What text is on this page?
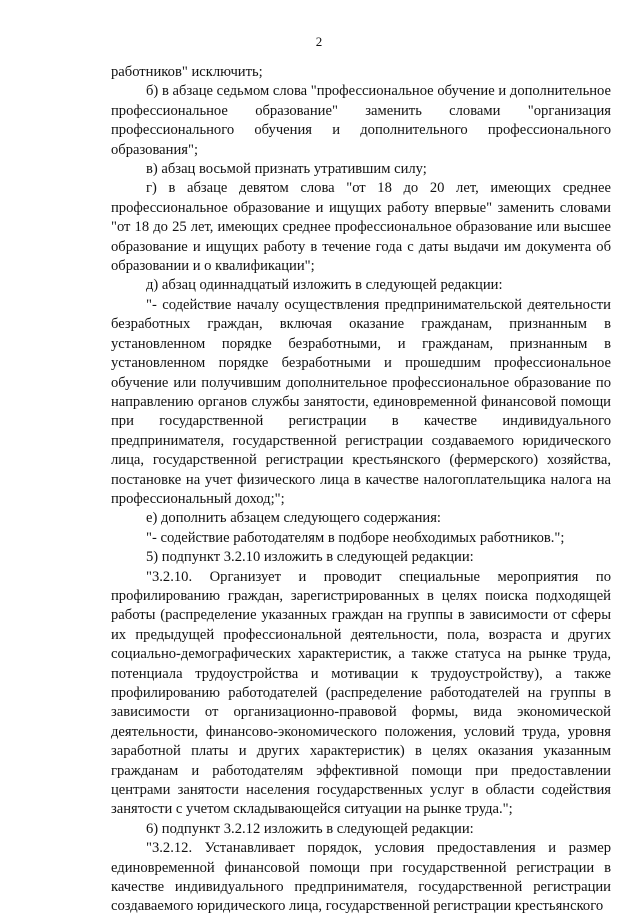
2

работников" исключить;

б) в абзаце седьмом слова "профессиональное обучение и дополнительное профессиональное образование" заменить словами "организация профессионального обучения и дополнительного профессионального образования";

в) абзац восьмой признать утратившим силу;

г) в абзаце девятом слова "от 18 до 20 лет, имеющих среднее профессиональное образование и ищущих работу впервые" заменить словами "от 18 до 25 лет, имеющих среднее профессиональное образование или высшее образование и ищущих работу в течение года с даты выдачи им документа об образовании и о квалификации";

д) абзац одиннадцатый изложить в следующей редакции:

"- содействие началу осуществления предпринимательской деятельности безработных граждан, включая оказание гражданам, признанным в установленном порядке безработными, и гражданам, признанным в установленном порядке безработными и прошедшим профессиональное обучение или получившим дополнительное профессиональное образование по направлению органов службы занятости, единовременной финансовой помощи при государственной регистрации в качестве индивидуального предпринимателя, государственной регистрации создаваемого юридического лица, государственной регистрации крестьянского (фермерского) хозяйства, постановке на учет физического лица в качестве налогоплательщика налога на профессиональный доход;";

е) дополнить абзацем следующего содержания:

"- содействие работодателям в подборе необходимых работников.";

5) подпункт 3.2.10 изложить в следующей редакции:

"3.2.10. Организует и проводит специальные мероприятия по профилированию граждан, зарегистрированных в целях поиска подходящей работы (распределение указанных граждан на группы в зависимости от сферы их предыдущей профессиональной деятельности, пола, возраста и других социально-демографических характеристик, а также статуса на рынке труда, потенциала трудоустройства и мотивации к трудоустройству), а также профилированию работодателей (распределение работодателей на группы в зависимости от организационно-правовой формы, вида экономической деятельности, финансово-экономического положения, условий труда, уровня заработной платы и других характеристик) в целях оказания указанным гражданам и работодателям эффективной помощи при предоставлении центрами занятости населения государственных услуг в области содействия занятости с учетом складывающейся ситуации на рынке труда.";

6) подпункт 3.2.12 изложить в следующей редакции:

"3.2.12. Устанавливает порядок, условия предоставления и размер единовременной финансовой помощи при государственной регистрации в качестве индивидуального предпринимателя, государственной регистрации создаваемого юридического лица, государственной регистрации крестьянского
